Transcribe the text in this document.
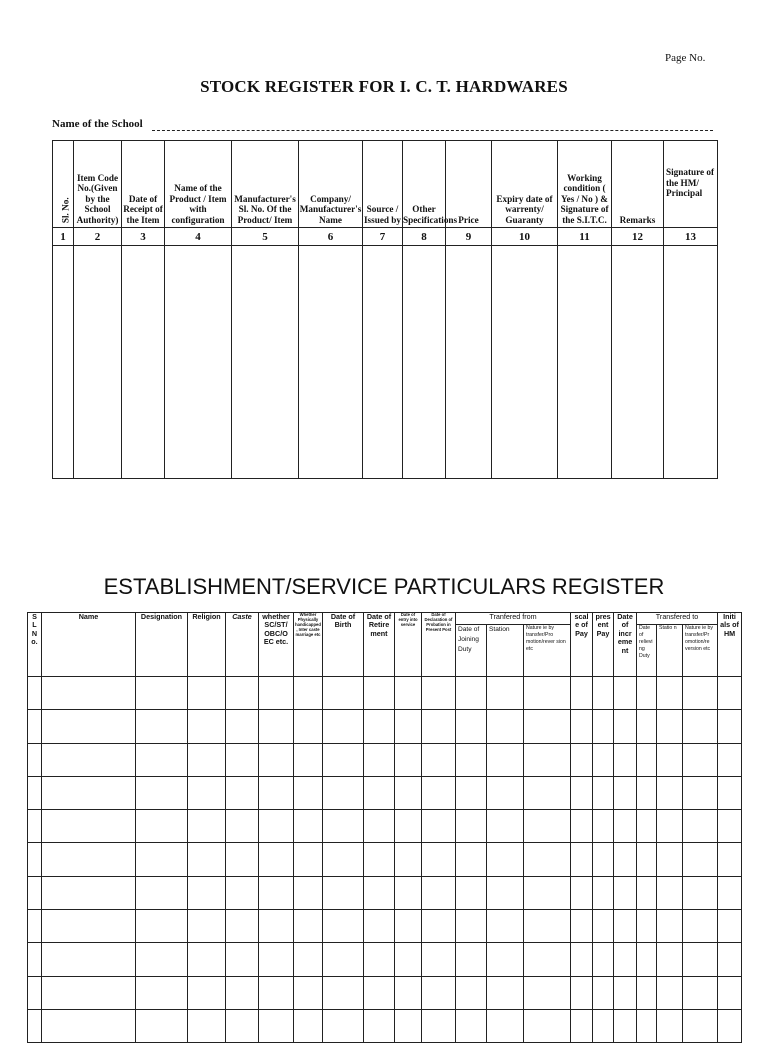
Page No.
STOCK REGISTER FOR I. C. T. HARDWARES
Name of the School
Sl. No.	Item Code No.(Given by the School Authority)	Date of Receipt of the Item	Name of the Product / Item with configuration	Manufacturer's Sl. No. Of the Product/ Item	Company/ Manufacturer's Name	Source / Issued by	Other Specifications	Price	Expiry date of warrenty/ Guaranty	Working condition ( Yes / No ) & Signature of the S.I.T.C.	Remarks	Signature of the HM/ Principal
1	2	3	4	5	6	7	8	9	10	11	12	13

ESTABLISHMENT/SERVICE PARTICULARS REGISTER
S L N o.	Name	Designation	Religion	Caste	whether SC/ST/ OBC/O EC etc.	Whether Physically handicapped , Inter caste marriage etc	Date of Birth	Date of Retire ment	Date of entry into service	Date of Declaration of Probation in Present Post	Tranfered from			scal e of Pay	pres ent Pay	Date of incr eme nt	Transfered to			Initi als of HM
											Date of Joining Duty	Station	Nature ie by transfer/Pro motion/rever sion etc				Date of relievi ng Duty	Statio n	Nature ie by transfer/Pr omotion/re version etc	
